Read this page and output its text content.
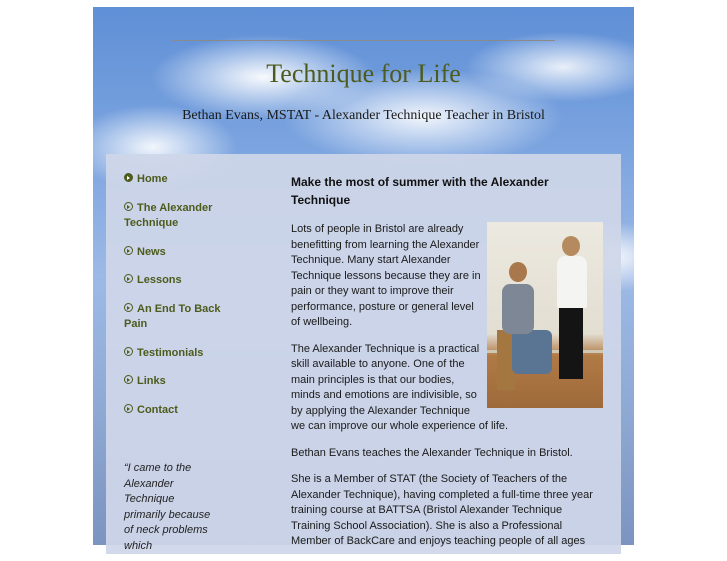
Technique for Life
Bethan Evans, MSTAT - Alexander Technique Teacher in Bristol
Home
The Alexander Technique
News
Lessons
An End To Back Pain
Testimonials
Links
Contact
“I came to the Alexander Technique primarily because of neck problems which
Make the most of summer with the Alexander Technique

Lots of people in Bristol are already benefitting from learning the Alexander Technique. Many start Alexander Technique lessons because they are in pain or they want to improve their performance, posture or general level of wellbeing.

The Alexander Technique is a practical skill available to anyone. One of the main principles is that our bodies, minds and emotions are indivisible, so by applying the Alexander Technique we can improve our whole experience of life.

Bethan Evans teaches the Alexander Technique in Bristol.

She is a Member of STAT (the Society of Teachers of the Alexander Technique), having completed a full-time three year training course at BATTSA (Bristol Alexander Technique Training School Association). She is also a Professional Member of BackCare and enjoys teaching people of all ages
